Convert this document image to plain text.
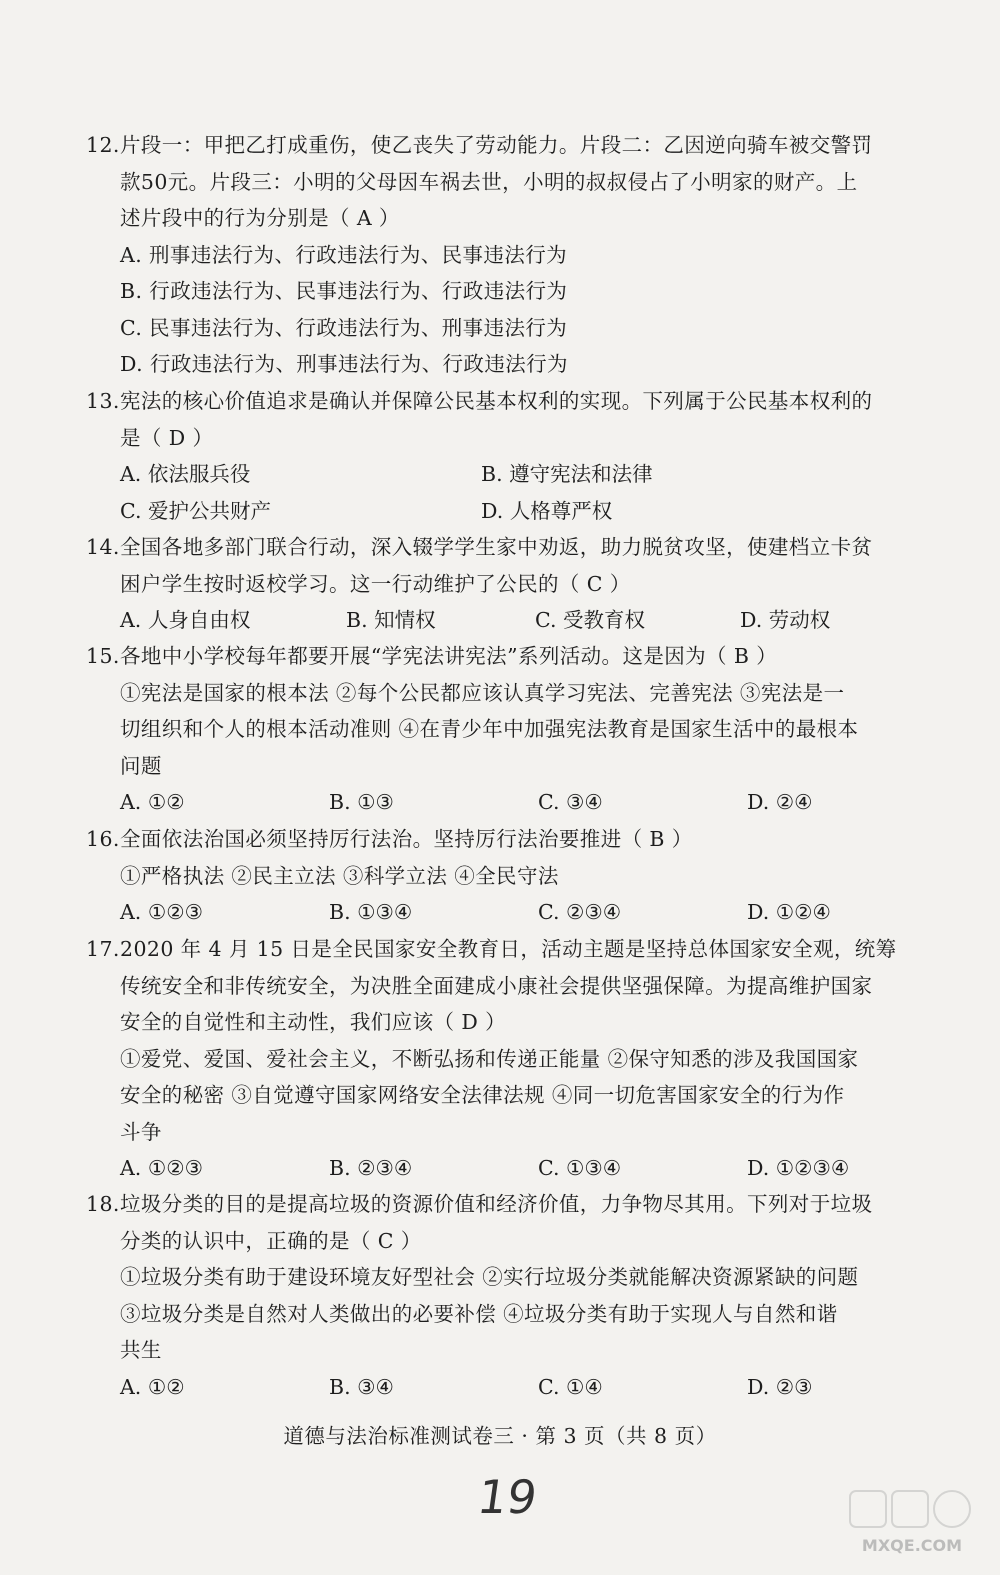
12. 片段一：甲把乙打成重伤，使乙丧失了劳动能力。片段二：乙因逆向骑车被交警罚
款50元。片段三：小明的父母因车祸去世，小明的叔叔侵占了小明家的财产。上
述片段中的行为分别是（ A ）
A. 刑事违法行为、行政违法行为、民事违法行为
B. 行政违法行为、民事违法行为、行政违法行为
C. 民事违法行为、行政违法行为、刑事违法行为
D. 行政违法行为、刑事违法行为、行政违法行为
13. 宪法的核心价值追求是确认并保障公民基本权利的实现。下列属于公民基本权利的
是（ D ）
A. 依法服兵役	B. 遵守宪法和法律
C. 爱护公共财产	D. 人格尊严权
14. 全国各地多部门联合行动，深入辍学学生家中劝返，助力脱贫攻坚，使建档立卡贫
困户学生按时返校学习。这一行动维护了公民的（ C ）
A. 人身自由权	B. 知情权	C. 受教育权	D. 劳动权
15. 各地中小学校每年都要开展“学宪法讲宪法”系列活动。这是因为（ B ）
①宪法是国家的根本法 ②每个公民都应该认真学习宪法、完善宪法 ③宪法是一
切组织和个人的根本活动准则 ④在青少年中加强宪法教育是国家生活中的最根本
问题
A. ①②	B. ①③	C. ③④	D. ②④
16. 全面依法治国必须坚持厉行法治。坚持厉行法治要推进（ B ）
①严格执法 ②民主立法 ③科学立法 ④全民守法
A. ①②③	B. ①③④	C. ②③④	D. ①②④
17. 2020 年 4 月 15 日是全民国家安全教育日，活动主题是坚持总体国家安全观，统筹
传统安全和非传统安全，为决胜全面建成小康社会提供坚强保障。为提高维护国家
安全的自觉性和主动性，我们应该（ D ）
①爱党、爱国、爱社会主义，不断弘扬和传递正能量 ②保守知悉的涉及我国国家
安全的秘密 ③自觉遵守国家网络安全法律法规 ④同一切危害国家安全的行为作
斗争
A. ①②③	B. ②③④	C. ①③④	D. ①②③④
18. 垃圾分类的目的是提高垃圾的资源价值和经济价值，力争物尽其用。下列对于垃圾
分类的认识中，正确的是（ C ）
①垃圾分类有助于建设环境友好型社会 ②实行垃圾分类就能解决资源紧缺的问题
③垃圾分类是自然对人类做出的必要补偿 ④垃圾分类有助于实现人与自然和谐
共生
A. ①②	B. ③④	C. ①④	D. ②③
道德与法治标准测试卷三 · 第 3 页（共 8 页）
19
MXQE.COM
